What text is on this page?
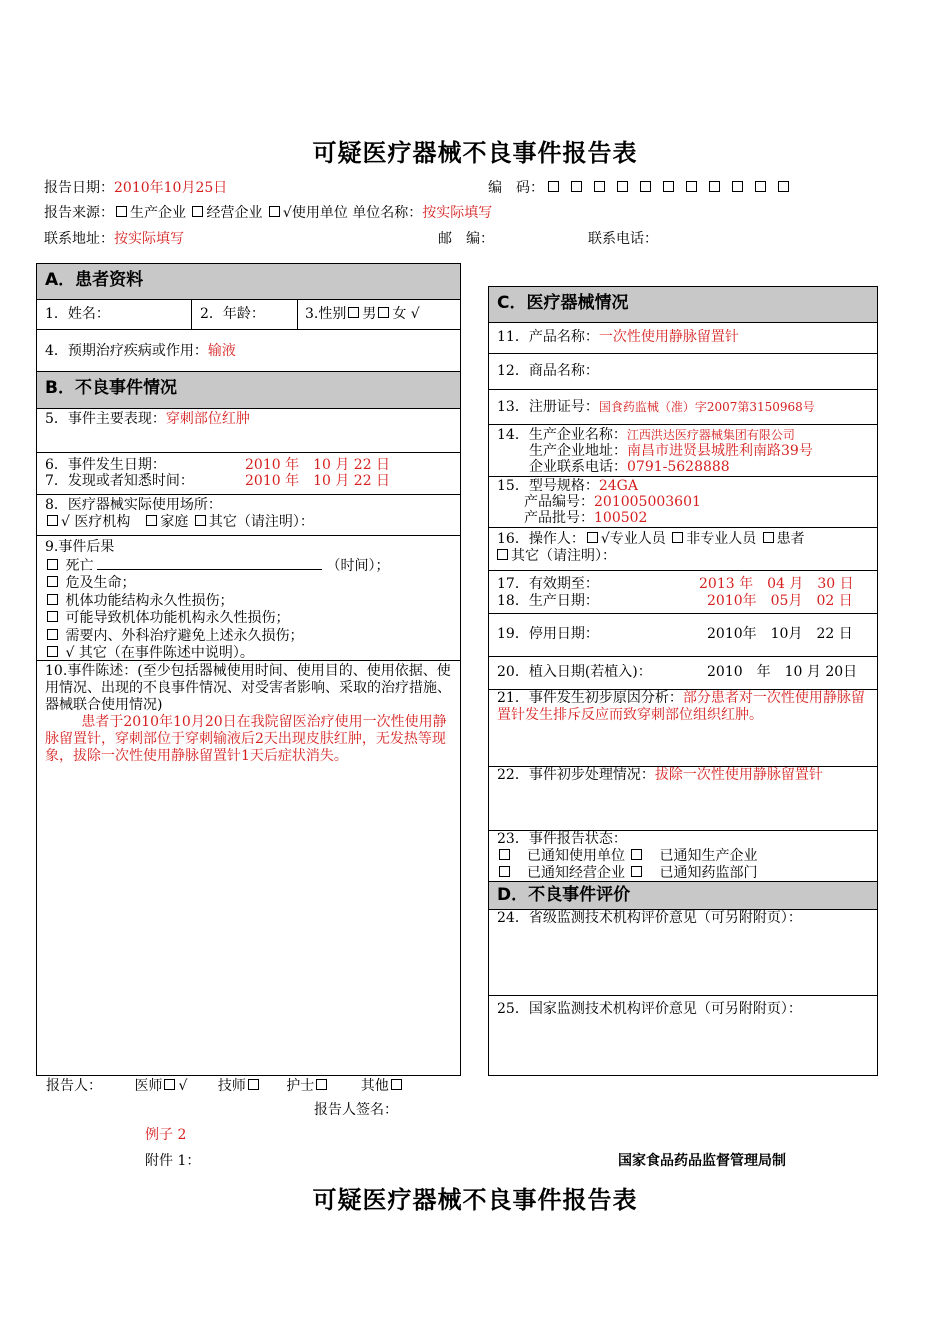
可疑医疗器械不良事件报告表
报告日期：2010年10月25日	编　码：
报告来源： 生产企业 经营企业 √使用单位 单位名称：按实际填写
联系地址：按实际填写	邮　编：	联系电话：
A．患者资料
1．姓名：	2．年龄：	3.性别 男 女 √
4．预期治疗疾病或作用：输液
B．不良事件情况
5．事件主要表现：穿刺部位红肿
6．事件发生日期：	2010 年　10 月 22 日
7．发现或者知悉时间：	2010 年　10 月 22 日
8．医疗器械实际使用场所：
√ 医疗机构　 家庭 其它（请注明）：
9.事件后果
死亡	（时间）；
危及生命；
机体功能结构永久性损伤；
可能导致机体功能机构永久性损伤；
需要内、外科治疗避免上述永久损伤；
√ 其它（在事件陈述中说明）。
10.事件陈述：(至少包括器械使用时间、使用目的、使用依据、使用情况、出现的不良事件情况、对受害者影响、采取的治疗措施、器械联合使用情况)
患者于2010年10月20日在我院留医治疗使用一次性使用静脉留置针，穿刺部位于穿刺输液后2天出现皮肤红肿，无发热等现象，拔除一次性使用静脉留置针1天后症状消失。
C．医疗器械情况
11．产品名称：一次性使用静脉留置针
12．商品名称：
13．注册证号：国食药监械（准）字2007第3150968号
14．生产企业名称：江西洪达医疗器械集团有限公司
生产企业地址：南昌市进贤县城胜利南路39号
企业联系电话：0791-5628888
15．型号规格：24GA
产品编号：201005003601
产品批号：100502
16．操作人： √专业人员 非专业人员 患者
其它（请注明）：
17．有效期至：	2013 年　04 月　30 日
18．生产日期：	2010年　05月　02 日
19．停用日期：	2010年　10月　22 日
20．植入日期(若植入)：	2010　年　10 月 20日
21．事件发生初步原因分析：部分患者对一次性使用静脉留置针发生排斥反应而致穿刺部位组织红肿。
22．事件初步处理情况：拔除一次性使用静脉留置针
23．事件报告状态：
　已通知使用单位 　 已通知生产企业
　已通知经营企业 　 已通知药监部门
D．不良事件评价
24．省级监测技术机构评价意见（可另附附页）：
25．国家监测技术机构评价意见（可另附附页）：
报告人： 医师 √ 技师	护士	其他
报告人签名：
例子 2
附件 1：	国家食品药品监督管理局制
可疑医疗器械不良事件报告表
